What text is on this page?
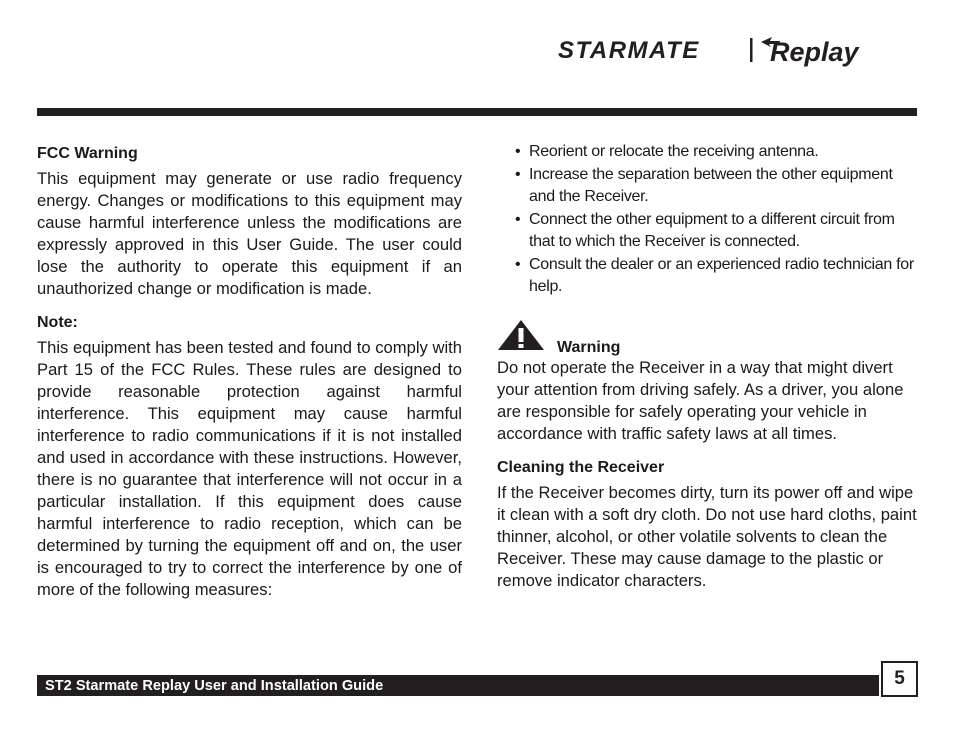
STARMATE	Replay
FCC Warning

This equipment may generate or use radio frequency energy. Changes or modifications to this equipment may cause harmful interference unless the modifications are expressly approved in this User Guide. The user could lose the authority to operate this equipment if an unauthorized change or modification is made.

Note:

This equipment has been tested and found to comply with Part 15 of the FCC Rules. These rules are designed to provide reasonable protection against harmful interference. This equipment may cause harmful interference to radio communications if it is not installed and used in accordance with these instructions. However, there is no guarantee that interference will not occur in a particular installation. If this equipment does cause harmful interference to radio reception, which can be determined by turning the equipment off and on, the user is encouraged to try to correct the interference by one of more of the following measures:

• Reorient or relocate the receiving antenna.
• Increase the separation between the other equipment and the Receiver.
• Connect the other equipment to a different circuit from that to which the Receiver is connected.
• Consult the dealer or an experienced radio technician for help.
Warning

Do not operate the Receiver in a way that might divert your attention from driving safely. As a driver, you alone are responsible for safely operating your vehicle in accordance with traffic safety laws at all times.

Cleaning the Receiver

If the Receiver becomes dirty, turn its power off and wipe it clean with a soft dry cloth. Do not use hard cloths, paint thinner, alcohol, or other volatile solvents to clean the Receiver. These may cause damage to the plastic or remove indicator characters.

ST2 Starmate Replay User and Installation Guide	5
